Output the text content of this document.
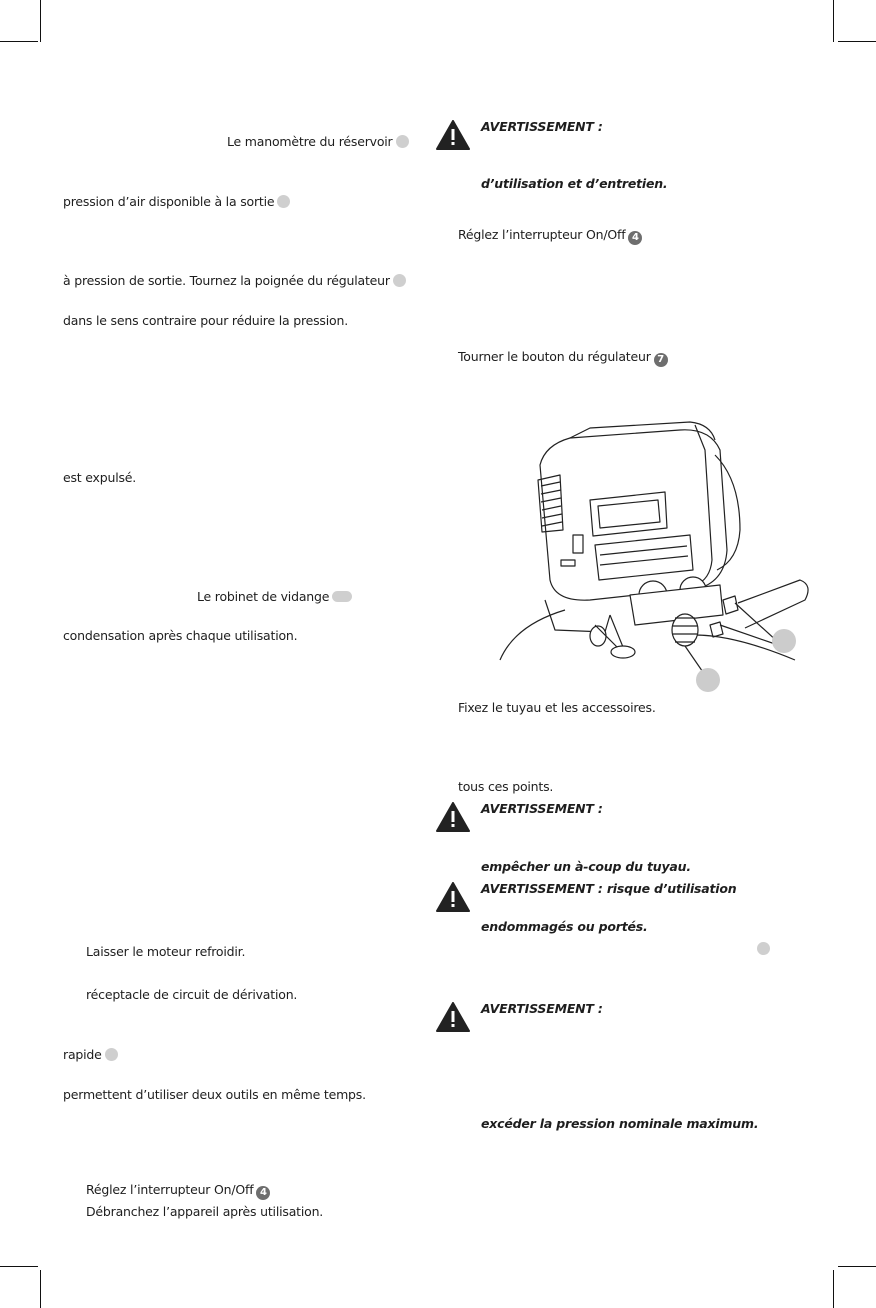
Le manomètre du réservoir
pression d’air disponible à la sortie
à pression de sortie. Tournez la poignée du régulateur
dans le sens contraire pour réduire la pression.
est expulsé.
Le robinet de vidange
condensation après chaque utilisation.
Laisser le moteur refroidir.
réceptacle de circuit de dérivation.
rapide
permettent d’utiliser deux outils en même temps.
Réglez l’interrupteur On/Off 4
Débranchez l’appareil après utilisation.
AVERTISSEMENT :
d’utilisation et d’entretien.
Réglez l’interrupteur On/Off 4
Tourner le bouton du régulateur 7
Fixez le tuyau et les accessoires.
tous ces points.
AVERTISSEMENT :
empêcher un à-coup du tuyau.
AVERTISSEMENT : risque d’utilisation
endommagés ou portés.
AVERTISSEMENT :
excéder la pression nominale maximum.
